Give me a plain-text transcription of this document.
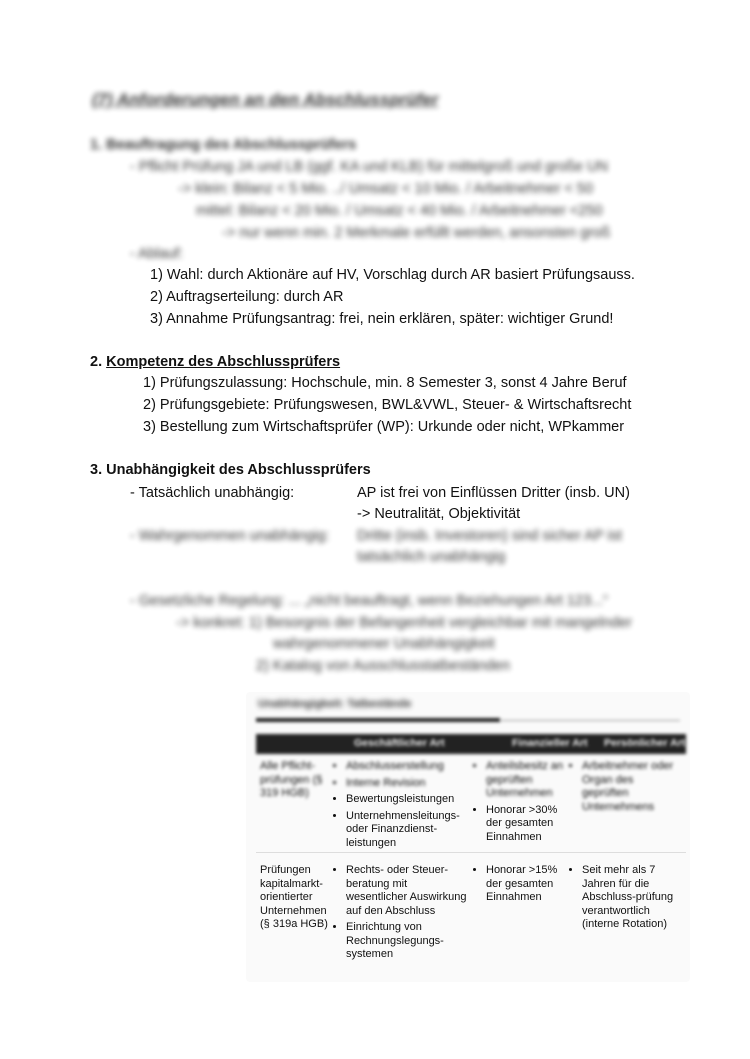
(7) Anforderungen an den Abschlussprüfer
1. Beauftragung des Abschlussprüfers
- Pflicht Prüfung JA und LB (ggf. KA und KLB) für mittelgroß und große UN
-> klein: Bilanz < 5 Mio. ../ Umsatz < 10 Mio. / Arbeitnehmer < 50
mittel: Bilanz < 20 Mio. / Umsatz < 40 Mio. / Arbeitnehmer <250
-> nur wenn min. 2 Merkmale erfüllt werden, ansonsten groß
- Ablauf:
1) Wahl: durch Aktionäre auf HV, Vorschlag durch AR basiert Prüfungsauss.
2) Auftragserteilung: durch AR
3) Annahme Prüfungsantrag: frei, nein erklären, später: wichtiger Grund!
2. Kompetenz des Abschlussprüfers
1) Prüfungszulassung: Hochschule, min. 8 Semester 3, sonst 4 Jahre Beruf
2) Prüfungsgebiete: Prüfungswesen, BWL&VWL, Steuer- & Wirtschaftsrecht
3) Bestellung zum Wirtschaftsprüfer (WP): Urkunde oder nicht, WPkammer
3. Unabhängigkeit des Abschlussprüfers
- Tatsächlich unabhängig:	AP ist frei von Einflüssen Dritter (insb. UN)
-> Neutralität, Objektivität
- Wahrgenommen unabhängig: Dritte (insb. Investoren) sind sicher AP ist
tatsächlich unabhängig
- Gesetzliche Regelung: ... „nicht beauftragt, wenn Beziehungen Art 123...“
-> konkret: 1) Besorgnis der Befangenheit vergleichbar mit mangelnder
wahrgenommener Unabhängigkeit
2) Katalog von Ausschlusstatbeständen
Unabhängigkeit: Tatbestände
Geschäftlicher Art	Finanzieller Art Persönlicher Art
Alle Pflicht-prüfungen (§ 319 HGB)
• Abschlusserstellung
• Interne Revision
• Bewertungsleistungen
• Unternehmensleitungs- oder Finanzdienst-leistungen
• Anteilsbesitz an geprüften Unternehmen
• Honorar >30% der gesamten Einnahmen
• Arbeitnehmer oder Organ des geprüften Unternehmens
Prüfungen kapitalmarkt-orientierter Unternehmen (§ 319a HGB)
• Rechts- oder Steuer-beratung mit wesentlicher Auswirkung auf den Abschluss
• Einrichtung von Rechnungslegungs-systemen
• Honorar >15% der gesamten Einnahmen
• Seit mehr als 7 Jahren für die Abschluss-prüfung verantwortlich (interne Rotation)
